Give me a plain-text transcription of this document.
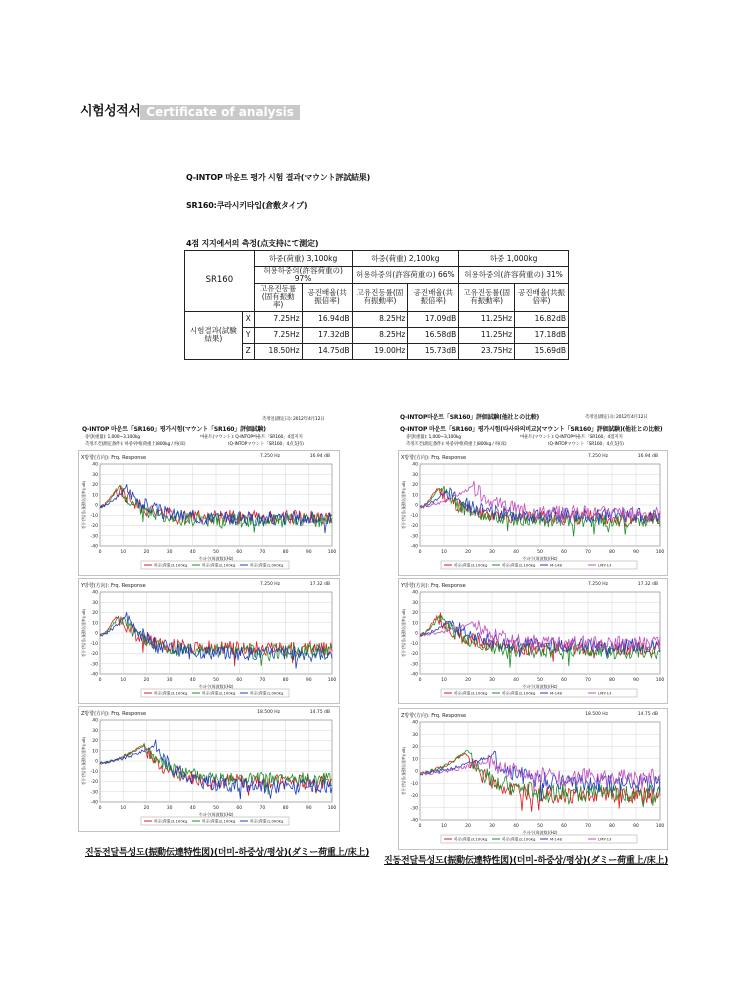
시험성적서 Certificate of analysis
Q-INTOP 마운트 평가 시험 결과(マウント評試結果)
SR160:쿠라시키타입(倉敷タイプ)
4점 지지에서의 측정(点支持にて測定)
SR160		하중(荷重) 3,100kg		하중(荷重) 2,100kg		하중 1,000kg	
		허용하중의(許容荷重の) 97%		허용하중의(許容荷重の) 66%		허용하중의(許容荷重の) 31%	
		고유진동률(固有振動率)	공진배율(共振倍率)	고유진동률(固有振動率)	공진배율(共振倍率)	고유진동률(固有振動率)	공진배율(共振倍率)
시험결과(試験結果)	X	7.25Hz	16.94dB	8.25Hz	17.09dB	11.25Hz	16.82dB
	Y	7.25Hz	17.32dB	8.25Hz	16.58dB	11.25Hz	17.18dB
	Z	18.50Hz	14.75dB	19.00Hz	15.73dB	23.75Hz	15.69dB
Q-INTOP 마운트「SR160」평가시험(マウント「SR160」評価試験)
측정일(測定日): 2012年4月12日
중량(重量): 1,000~3,100kg
측정조건(測定条件): 하중위에(荷重上)800kg / 하(床)
마운트(マウント): Q-INTOP마운트「SR160」4점지지
(Q-INTOPマウント「SR160」4点支持)
X방향(方向): Frq. Response	7.250 Hz	16.94 dB
-40
-30
-20
-10
0
10
20
30
40
0	10	20	30	40	50	60	70	80	90	100
주파수(周波数)(Hz)
진동전달율(振動伝達率)(dB)
하중(荷重)3,100kg	하중(荷重)2,100kg	하중(荷重)1,000kg
Y방향(方向): Frq. Response	7.250 Hz	17.32 dB
-40
-30
-20
-10
0
10
20
30
40
0	10	20	30	40	50	60	70	80	90	100
주파수(周波数)(Hz)
진동전달율(振動伝達率)(dB)
하중(荷重)3,100kg	하중(荷重)2,100kg	하중(荷重)1,000kg
Z방향(方向): Frq. Response	18.500 Hz	14.75 dB
-40
-30
-20
-10
0
10
20
30
40
0	10	20	30	40	50	60	70	80	90	100
주파수(周波数)(Hz)
진동전달율(振動伝達率)(dB)
하중(荷重)3,100kg	하중(荷重)2,100kg	하중(荷重)1,000kg
진동전달특성도(振動伝達特性図)(더미-하중상/평상)(ダミー荷重上/床上)
Q-INTOP마운트「SR160」評価試験(他社との比較)
Q-INTOP 마운트「SR160」평가시험(타사와의비교)(マウント「SR160」評価試験)(他社との比較)
측정일(測定日): 2012年4月12日
중량(重量): 1,000~3,100kg
측정조건(測定条件): 하중위에(荷重上)800kg / 하(床)
마운트(マウント): Q-INTOP마운트「SR160」4점지지
(Q-INTOPマウント「SR160」4点支持)
X방향(方向): Frq. Response	7.250 Hz	16.94 dB
-40
-30
-20
-10
0
10
20
30
40
0	10	20	30	40	50	60	70	80	90	100
주파수(周波数)(Hz)
진동전달율(振動伝達率)(dB)
하중(荷重)3,100kg	하중(荷重)2,100kg	M-148	LMY-13
Y방향(方向): Frq. Response	7.250 Hz	17.32 dB
-40
-30
-20
-10
0
10
20
30
40
0	10	20	30	40	50	60	70	80	90	100
주파수(周波数)(Hz)
진동전달율(振動伝達率)(dB)
하중(荷重)3,100kg	하중(荷重)2,100kg	M-148	LMY-13
Z방향(方向): Frq. Response	18.500 Hz	14.75 dB
-40
-30
-20
-10
0
10
20
30
40
0	10	20	30	40	50	60	70	80	90	100
주파수(周波数)(Hz)
진동전달율(振動伝達率)(dB)
하중(荷重)3,100kg	하중(荷重)2,100kg	M-148	LMY-13
진동전달특성도(振動伝達特性図)(더미-하중상/평상)(ダミー荷重上/床上)
